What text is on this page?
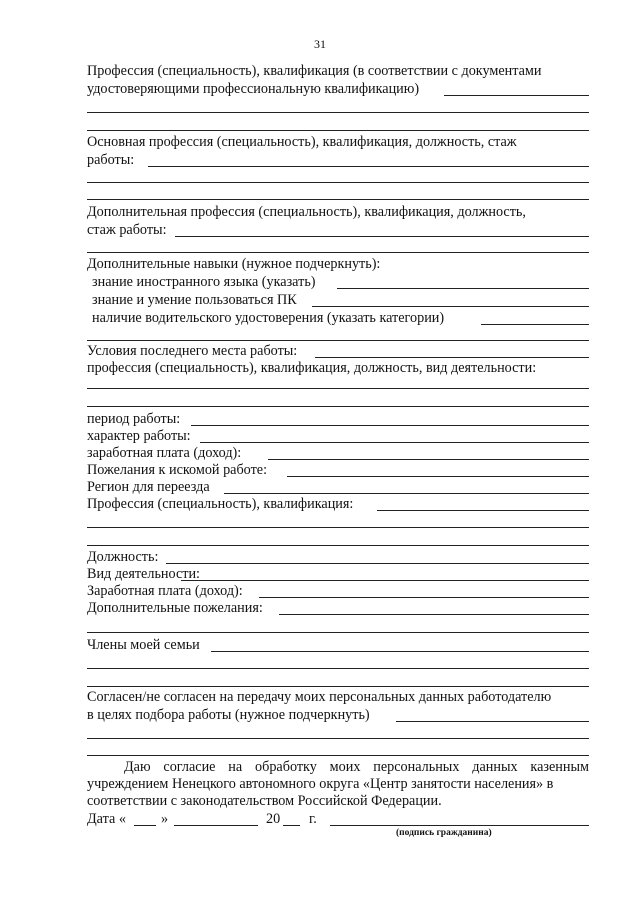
31
Профессия (специальность), квалификация (в соответствии с документами
удостоверяющими профессиональную квалификацию)
Основная профессия (специальность), квалификация, должность, стаж
работы:
Дополнительная профессия (специальность), квалификация, должность,
стаж работы:
Дополнительные навыки (нужное подчеркнуть):
знание иностранного языка (указать)
знание и умение пользоваться ПК
наличие водительского удостоверения (указать категории)
Условия последнего места работы:
профессия (специальность), квалификация, должность, вид деятельности:
период работы:
характер работы:
заработная плата (доход):
Пожелания к искомой работе:
Регион для переезда
Профессия (специальность), квалификация:
Должность:
Вид деятельности:
Заработная плата (доход):
Дополнительные пожелания:
Члены моей семьи
Согласен/не согласен на передачу моих персональных данных работодателю
в целях подбора работы (нужное подчеркнуть)
Даю согласие на обработку моих персональных данных казенным
учреждением Ненецкого автономного округа «Центр занятости населения» в
соответствии с законодательством Российской Федерации.
Дата « »	20 г.
(подпись гражданина)
